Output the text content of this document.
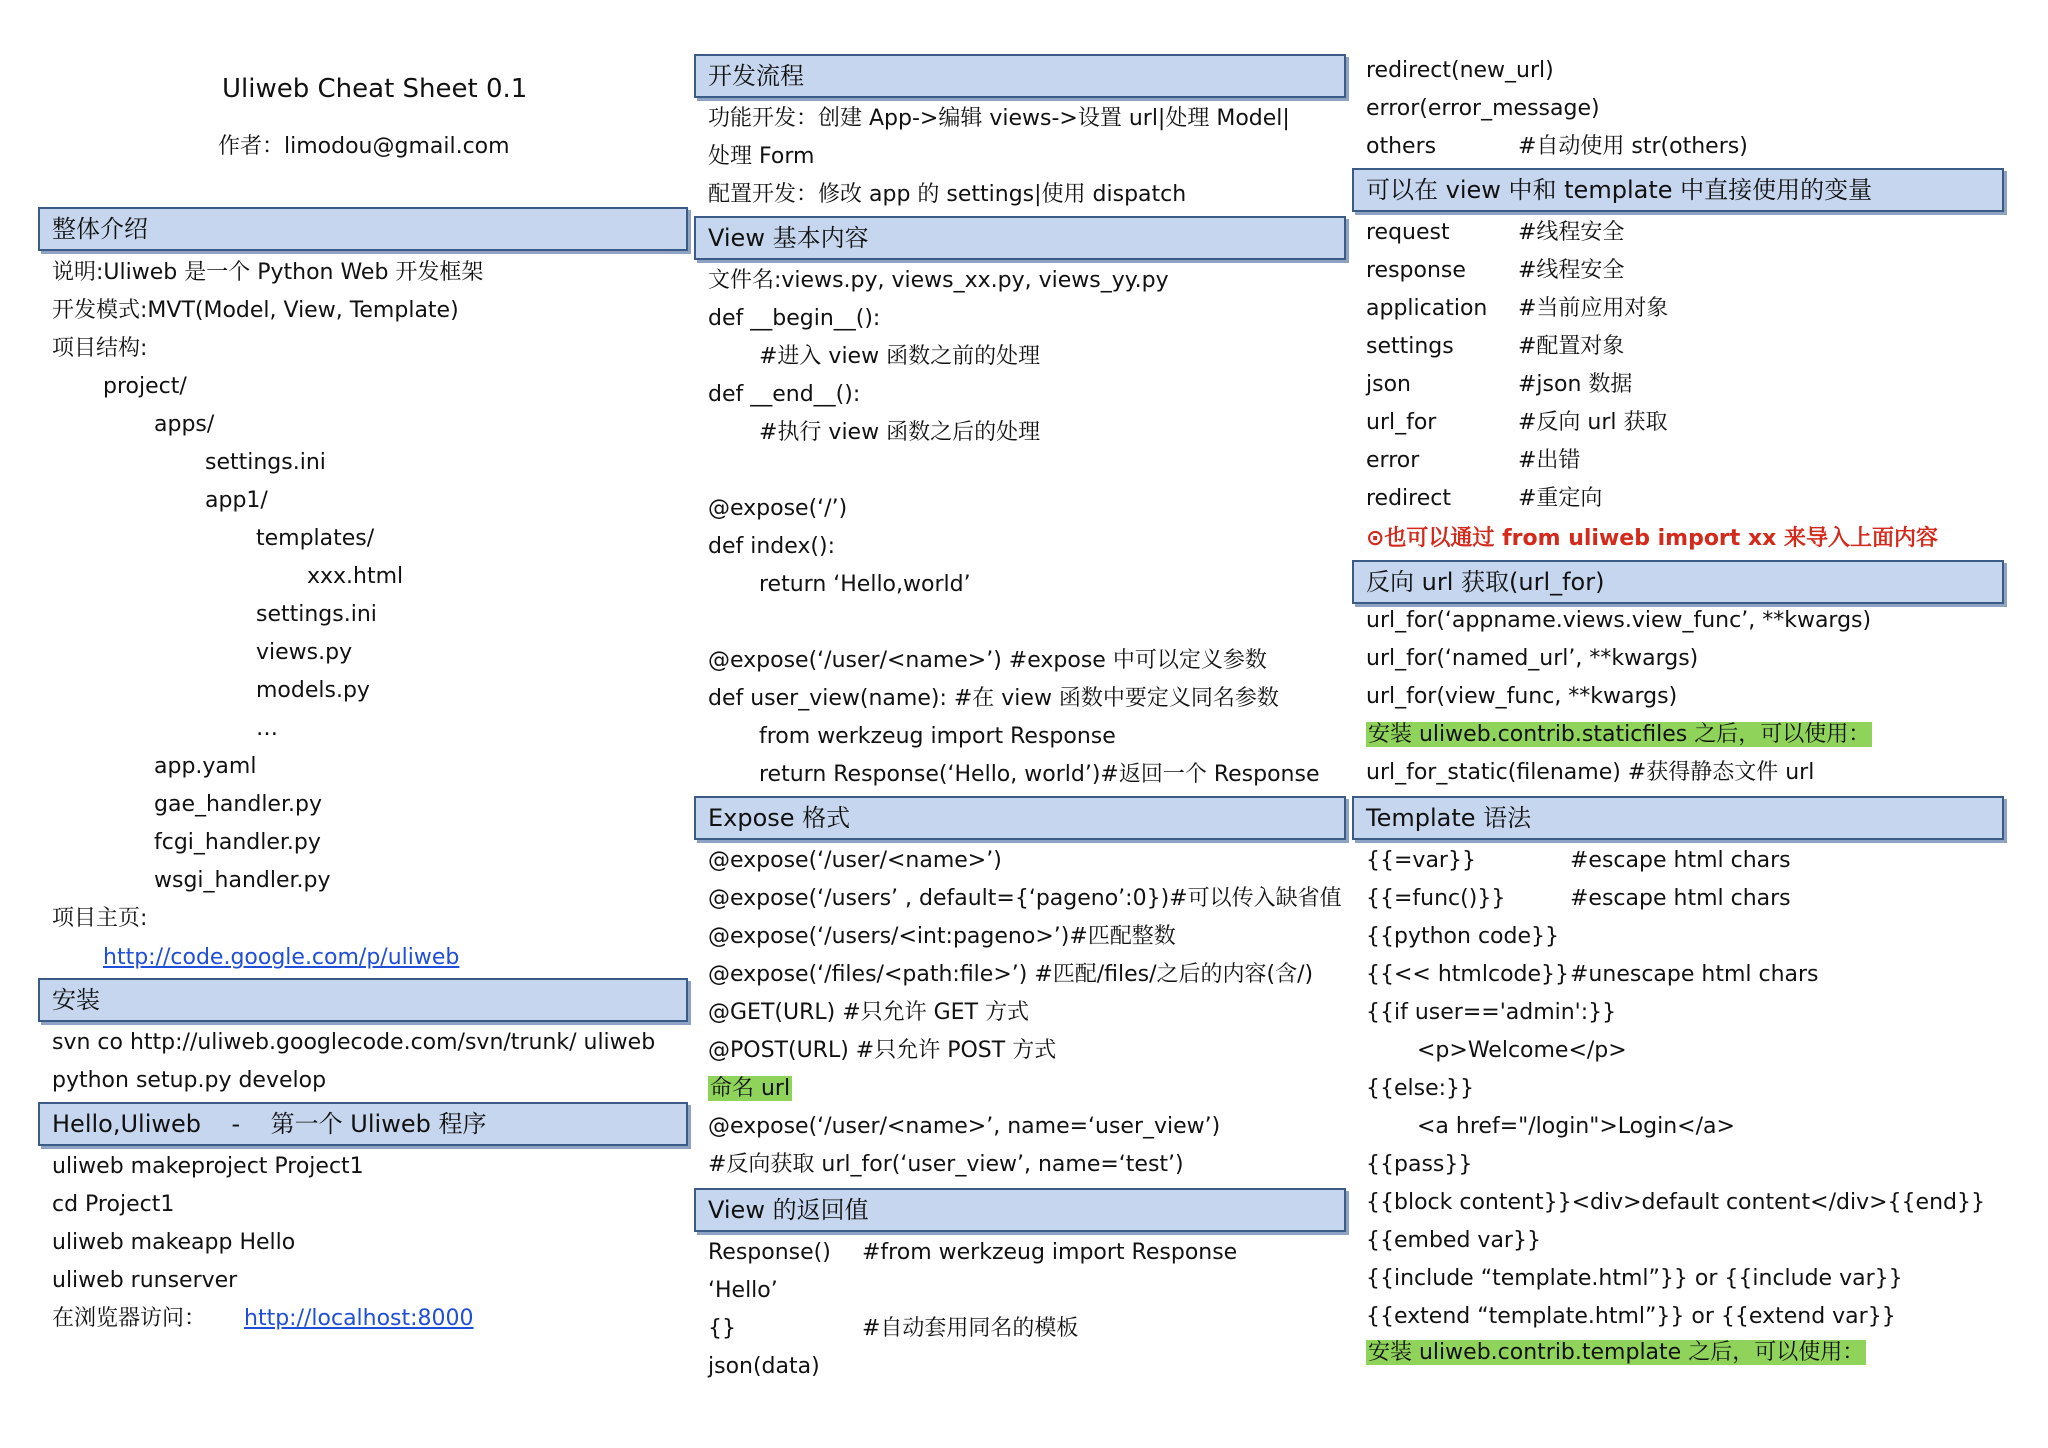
Uliweb Cheat Sheet 0.1
作者：limodou@gmail.com
整体介绍
说明:Uliweb 是一个 Python Web 开发框架
开发模式:MVT(Model, View, Template)
项目结构:
project/
apps/
settings.ini
app1/
templates/
xxx.html
settings.ini
views.py
models.py
…
app.yaml
gae_handler.py
fcgi_handler.py
wsgi_handler.py
项目主页:
http://code.google.com/p/uliweb
安装
svn co http://uliweb.googlecode.com/svn/trunk/ uliweb
python setup.py develop
Hello,Uliweb    -    第一个 Uliweb 程序
uliweb makeproject Project1
cd Project1
uliweb makeapp Hello
uliweb runserver
在浏览器访问： http://localhost:8000
开发流程
功能开发：创建 App->编辑 views->设置 url|处理 Model|
处理 Form
配置开发：修改 app 的 settings|使用 dispatch
View 基本内容
文件名:views.py, views_xx.py, views_yy.py
def __begin__():
#进入 view 函数之前的处理
def __end__():
#执行 view 函数之后的处理
@expose(‘/’)
def index():
return ‘Hello,world’
@expose(‘/user/<name>’) #expose 中可以定义参数
def user_view(name): #在 view 函数中要定义同名参数
from werkzeug import Response
return Response(‘Hello, world’)#返回一个 Response
Expose 格式
@expose(‘/user/<name>’)
@expose(‘/users’ , default={‘pageno’:0})#可以传入缺省值
@expose(‘/users/<int:pageno>’)#匹配整数
@expose(‘/files/<path:file>’) #匹配/files/之后的内容(含/)
@GET(URL) #只允许 GET 方式
@POST(URL) #只允许 POST 方式
命名 url
@expose(‘/user/<name>’, name=‘user_view’)
#反向获取 url_for(‘user_view’, name=‘test’)
View 的返回值
Response() #from werkzeug import Response
‘Hello’
{}	#自动套用同名的模板
json(data)
redirect(new_url)
error(error_message)
others	#自动使用 str(others)
可以在 view 中和 template 中直接使用的变量
request	#线程安全
response #线程安全
application #当前应用对象
settings	#配置对象
json	#json 数据
url_for	#反向 url 获取
error	#出错
redirect	#重定向
⊙也可以通过 from uliweb import xx 来导入上面内容
反向 url 获取(url_for)
url_for(‘appname.views.view_func’, **kwargs)
url_for(‘named_url’, **kwargs)
url_for(view_func, **kwargs)
安装 uliweb.contrib.staticfiles 之后，可以使用：
url_for_static(filename) #获得静态文件 url
Template 语法
{{=var}}	#escape html chars
{{=func()}}	#escape html chars
{{python code}}
{{<< htmlcode}} #unescape html chars
{{if user=='admin':}}
<p>Welcome</p>
{{else:}}
<a href="/login">Login</a>
{{pass}}
{{block content}}<div>default content</div>{{end}}
{{embed var}}
{{include “template.html”}} or {{include var}}
{{extend “template.html”}} or {{extend var}}
安装 uliweb.contrib.template 之后，可以使用：
